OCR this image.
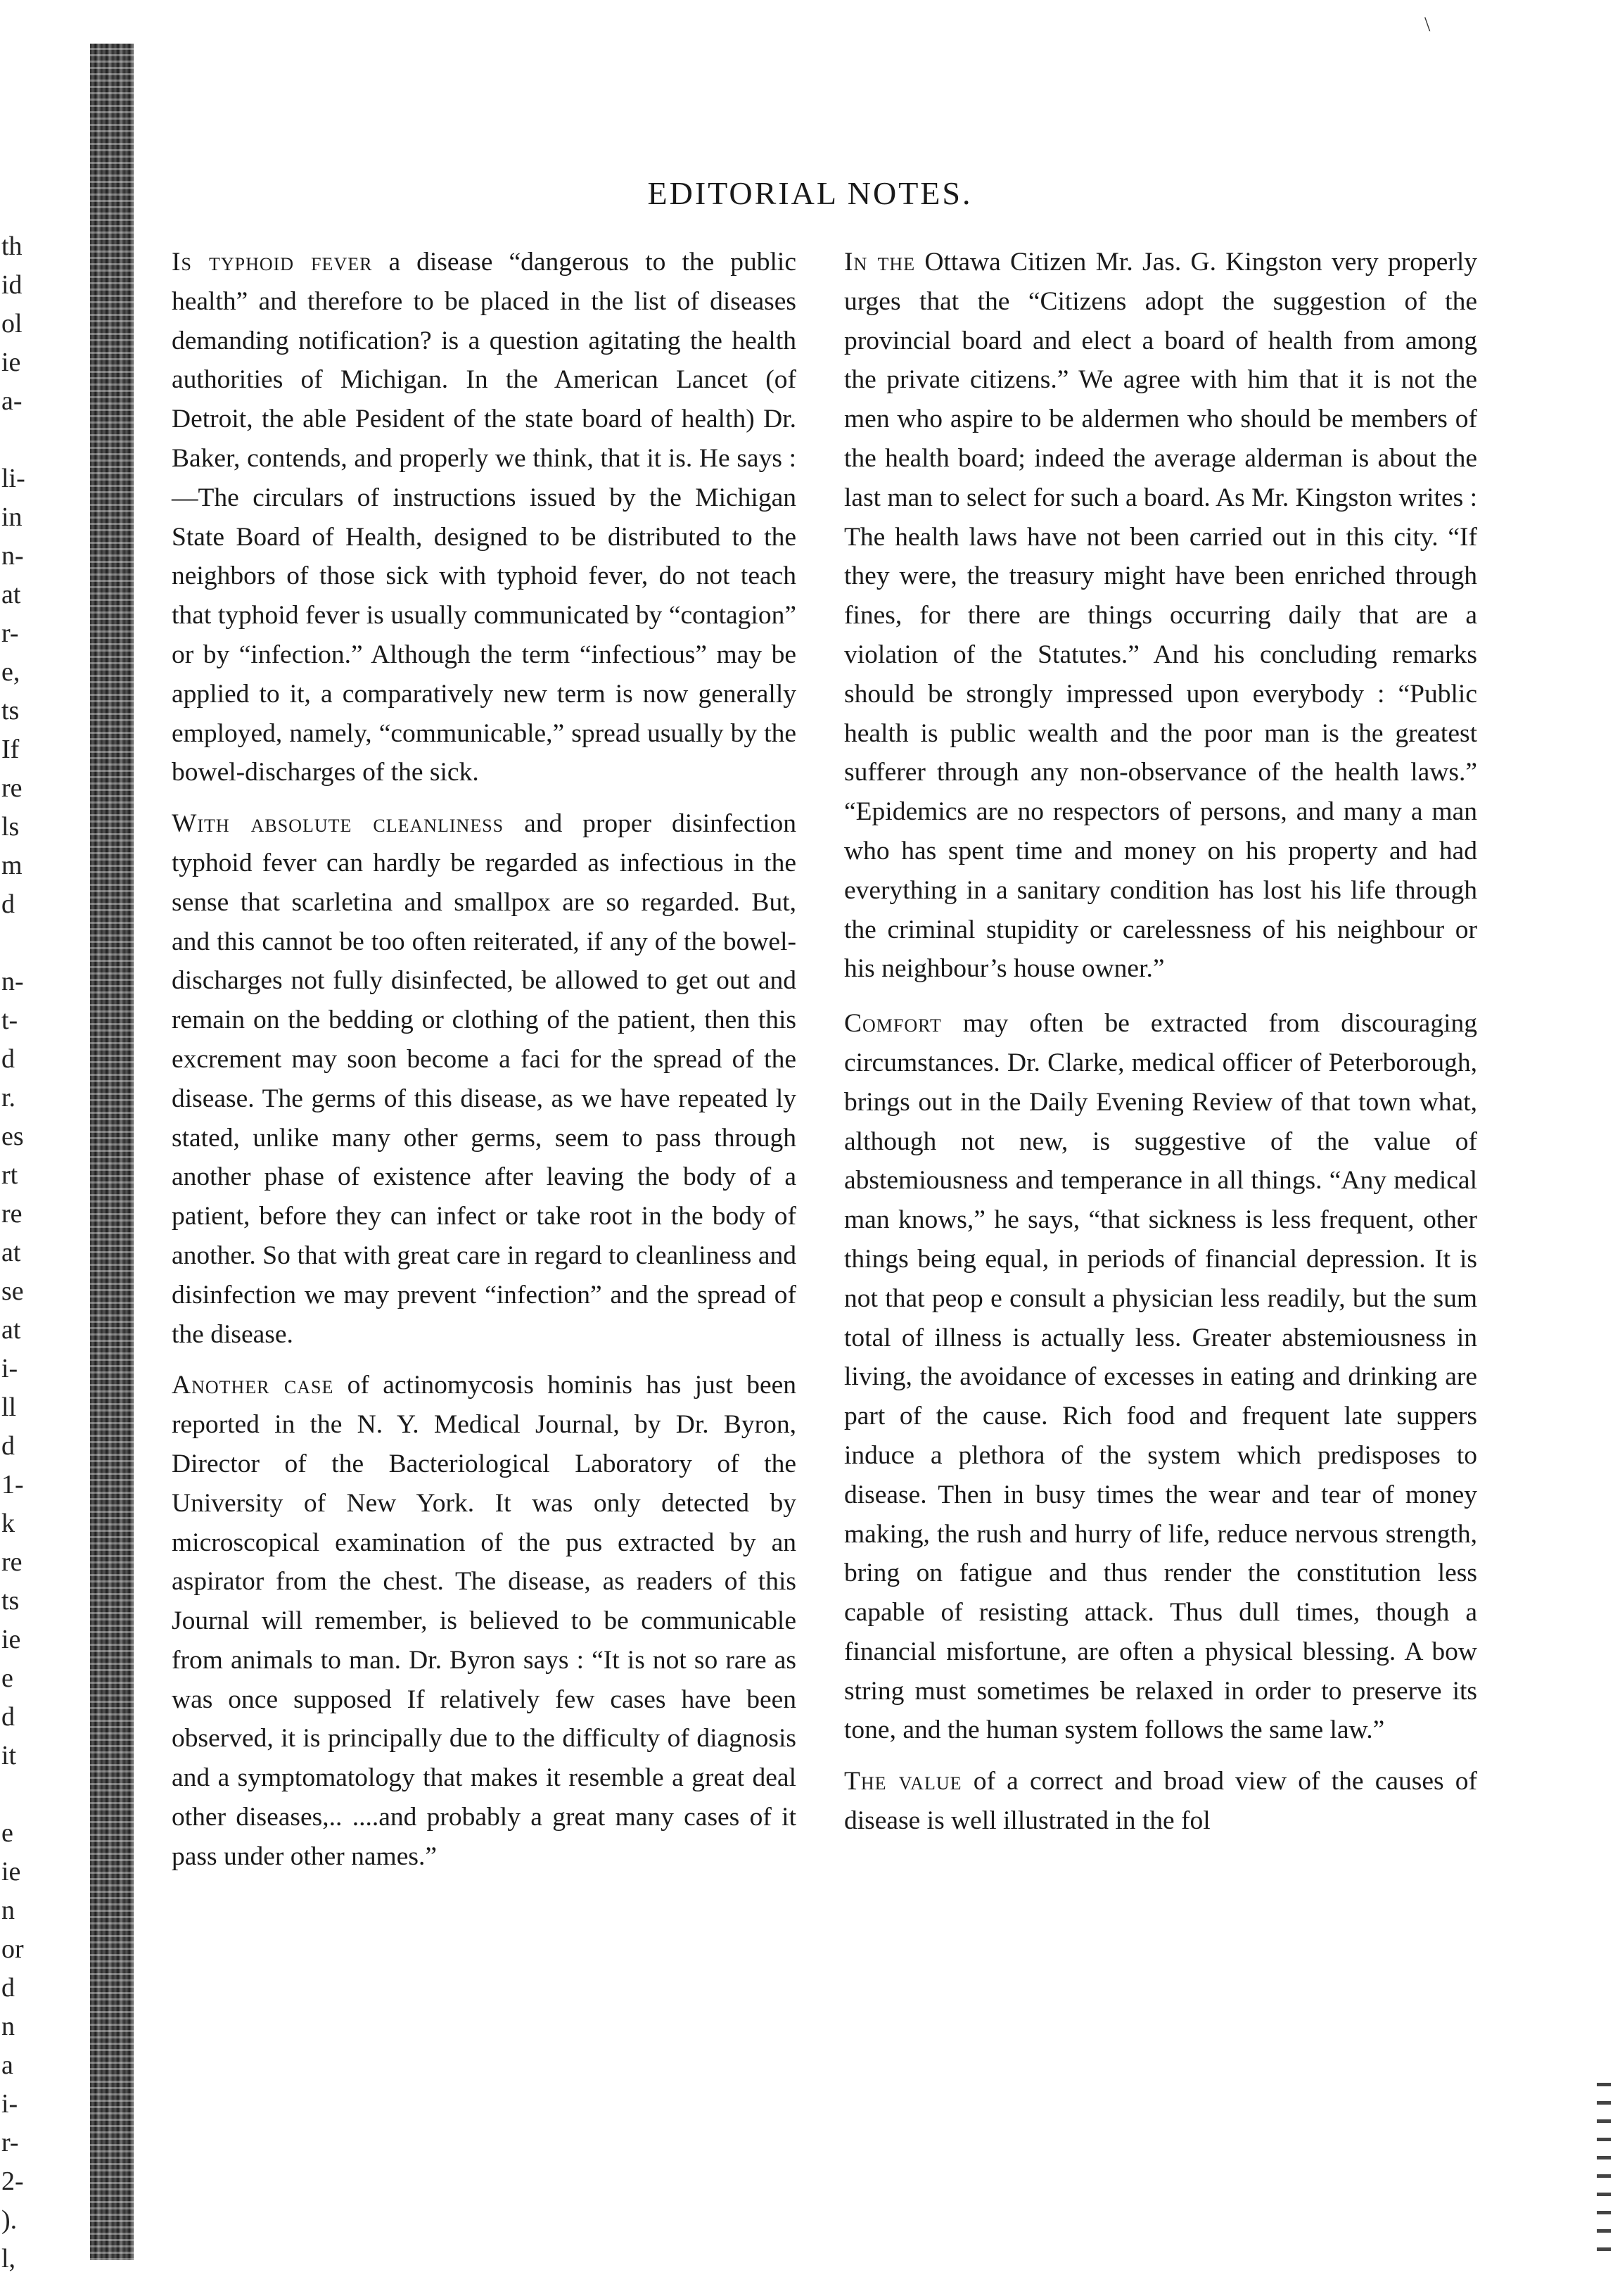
th
id
ol
ie
a-
li-
in
n-
at
r-
e,
ts
If
re
ls
m
d
n-
t-
d
r.
es
rt
re
at
se
at
i-
ll
d
1-
k
re
ts
ie
e
d
it
e
ie
n
or
d
n
a
i-
r-
2-
).
l,
\
EDITORIAL NOTES.

Is typhoid fever a disease “dangerous to the public health” and therefore to be placed in the list of diseases demanding notification? is a question agitating the health authorities of Michigan. In the American Lancet (of Detroit, the able Pesident of the state board of health) Dr. Baker, contends, and properly we think, that it is. He says :—The circulars of instructions issued by the Michigan State Board of Health, designed to be distributed to the neighbors of those sick with typhoid fever, do not teach that typhoid fever is usually communicated by “contagion” or by “infection.” Although the term “infectious” may be applied to it, a comparatively new term is now generally employed, namely, “communicable,” spread usually by the bowel-discharges of the sick.

With absolute cleanliness and proper disinfection typhoid fever can hardly be regarded as infectious in the sense that scarletina and smallpox are so regarded. But, and this cannot be too often reiterated, if any of the bowel-discharges not fully disinfected, be allowed to get out and remain on the bedding or clothing of the patient, then this excrement may soon become a faci for the spread of the disease. The germs of this disease, as we have repeated ly stated, unlike many other germs, seem to pass through another phase of existence after leaving the body of a patient, before they can infect or take root in the body of another. So that with great care in regard to cleanliness and disinfection we may prevent “infection” and the spread of the disease.

Another case of actinomycosis hominis has just been reported in the N. Y. Medical Journal, by Dr. Byron, Director of the Bacteriological Laboratory of the University of New York. It was only detected by microscopical examination of the pus extracted by an aspirator from the chest. The disease, as readers of this Journal will remember, is believed to be communicable from animals to man. Dr. Byron says : “It is not so rare as was once supposed If relatively few cases have been observed, it is principally due to the difficulty of diagnosis and a symptomatology that makes it resemble a great deal other diseases,.. ....and probably a great many cases of it pass under other names.”

In the Ottawa Citizen Mr. Jas. G. Kingston very properly urges that the “Citizens adopt the suggestion of the provincial board and elect a board of health from among the private citizens.” We agree with him that it is not the men who aspire to be aldermen who should be members of the health board; indeed the average alderman is about the last man to select for such a board. As Mr. Kingston writes : The health laws have not been carried out in this city. “If they were, the treasury might have been enriched through fines, for there are things occurring daily that are a violation of the Statutes.” And his concluding remarks should be strongly impressed upon everybody : “Public health is public wealth and the poor man is the greatest sufferer through any non-observance of the health laws.” “Epidemics are no respectors of persons, and many a man who has spent time and money on his property and had everything in a sanitary condition has lost his life through the criminal stupidity or carelessness of his neighbour or his neighbour’s house owner.”

Comfort may often be extracted from discouraging circumstances. Dr. Clarke, medical officer of Peterborough, brings out in the Daily Evening Review of that town what, although not new, is suggestive of the value of abstemiousness and temperance in all things. “Any medical man knows,” he says, “that sickness is less frequent, other things being equal, in periods of financial depression. It is not that peop e consult a physician less readily, but the sum total of illness is actually less. Greater abstemiousness in living, the avoidance of excesses in eating and drinking are part of the cause. Rich food and frequent late suppers induce a plethora of the system which predisposes to disease. Then in busy times the wear and tear of money making, the rush and hurry of life, reduce nervous strength, bring on fatigue and thus render the constitution less capable of resisting attack. Thus dull times, though a financial misfortune, are often a physical blessing. A bow string must sometimes be relaxed in order to preserve its tone, and the human system follows the same law.”

The value of a correct and broad view of the causes of disease is well illustrated in the fol
